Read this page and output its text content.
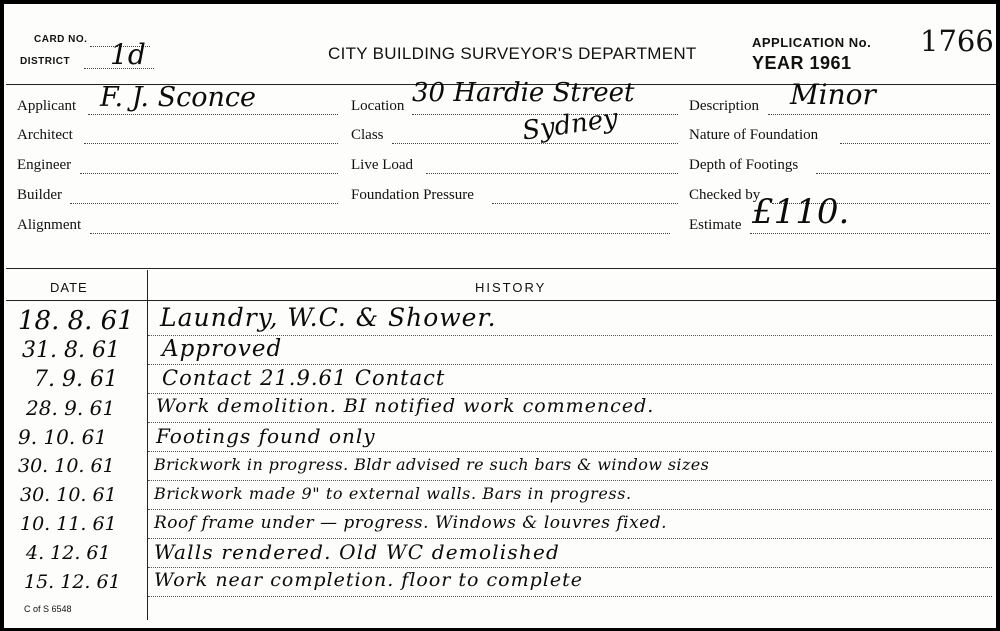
CARD NO.
DISTRICT 1d	CITY BUILDING SURVEYOR'S DEPARTMENT
APPLICATION No. 1766
YEAR 1961
Applicant F. J. Sconce
Architect
Engineer
Builder
Alignment
Location 30 Hardie Street
Class	Sydney
Live Load
Foundation Pressure
Description Minor
Nature of Foundation
Depth of Footings
Checked by
Estimate £110.
DATE	HISTORY
18. 8. 61 Laundry, W.C. & Shower.
31. 8. 61 Approved
7. 9. 61 Contact 21.9.61 Contact
28. 9. 61 Work demolition. BI notified work commenced.
9. 10. 61 Footings found only
30. 10. 61 Brickwork in progress. Bldr advised re such bars & window sizes
30. 10. 61 Brickwork made 9" to external walls. Bars in progress.
10. 11. 61 Roof frame under — progress. Windows & louvres fixed.
4. 12. 61 Walls rendered. Old WC demolished
15. 12. 61 Work near completion. floor to complete
C of S 6548
